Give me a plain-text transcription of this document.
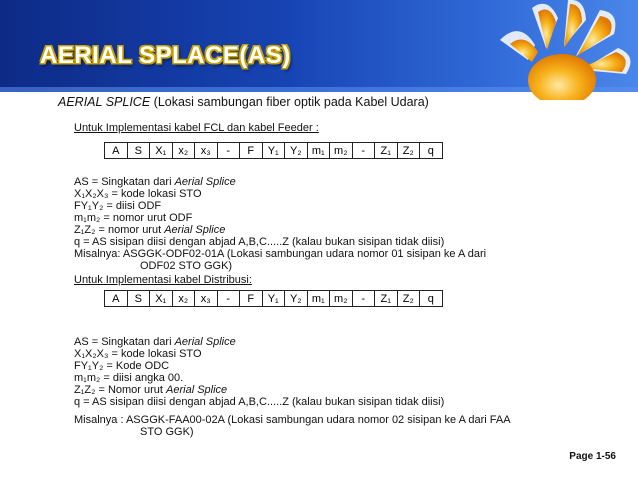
AERIAL SPLACE(AS)
AERIAL SPLICE (Lokasi sambungan fiber optik pada Kabel Udara)
Untuk Implementasi kabel FCL dan kabel Feeder :
A	S	X₁	x₂	x₃	-	F	Y₁	Y₂	m₁	m₂	-	Z₁	Z₂	q
AS = Singkatan dari Aerial Splice
X₁X₂X₃ = kode lokasi STO
FY₁Y₂ = diisi ODF
m₁m₂ = nomor urut ODF
Z₁Z₂ = nomor urut Aerial Splice
q = AS sisipan diisi dengan abjad A,B,C.....Z (kalau bukan sisipan tidak diisi)
Misalnya: ASGGK-ODF02-01A (Lokasi sambungan udara nomor 01 sisipan ke A dari
ODF02 STO GGK)
Untuk Implementasi kabel Distribusi:
A	S	X₁	x₂	x₃	-	F	Y₁	Y₂	m₁	m₂	-	Z₁	Z₂	q
AS = Singkatan dari Aerial Splice
X₁X₂X₃ = kode lokasi STO
FY₁Y₂ = Kode ODC
m₁m₂ = diisi angka 00.
Z₁Z₂ = Nomor urut Aerial Splice
q = AS sisipan diisi dengan abjad A,B,C.....Z (kalau bukan sisipan tidak diisi)
Misalnya : ASGGK-FAA00-02A (Lokasi sambungan udara nomor 02 sisipan ke A dari FAA
STO GGK)
Page 1-56
